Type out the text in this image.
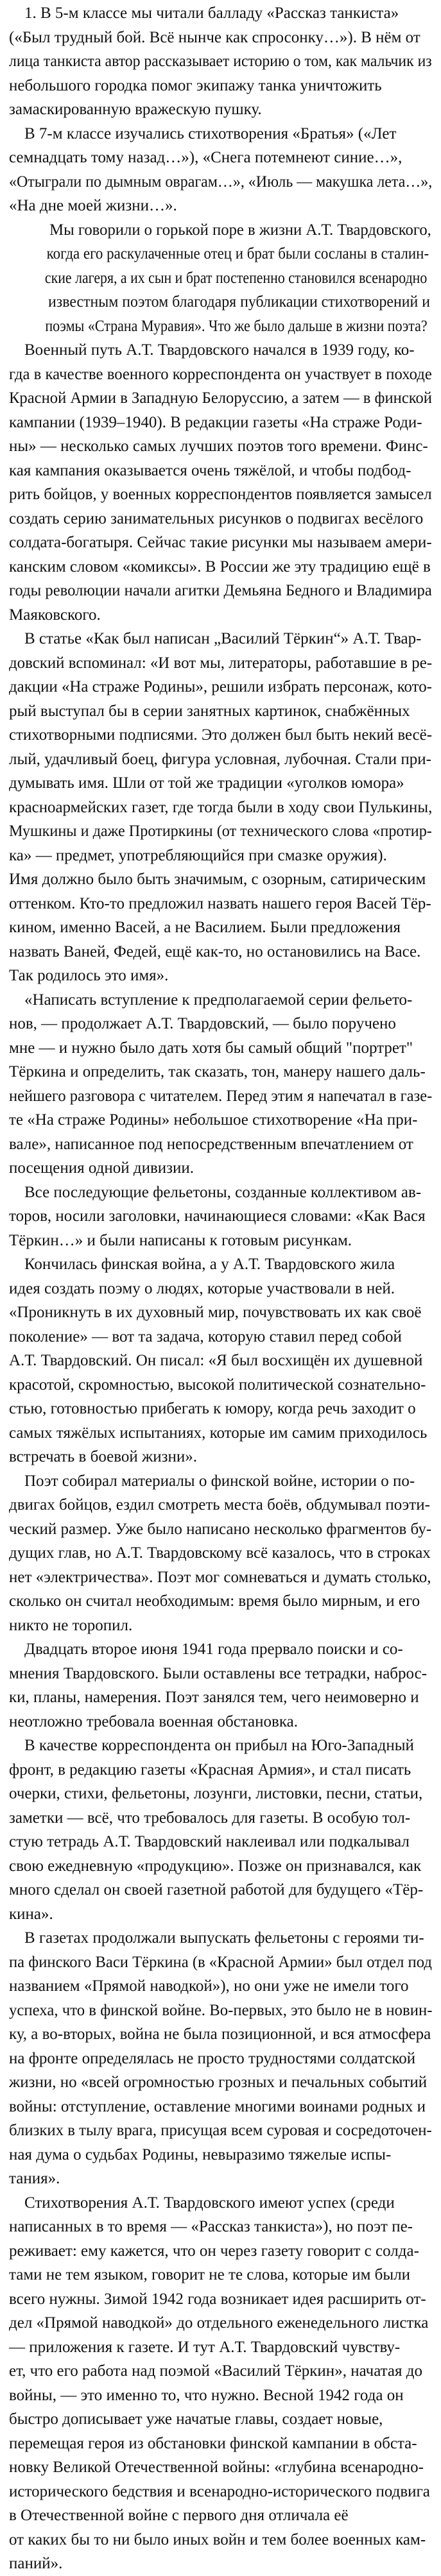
1. В 5-м классе мы читали балладу «Рассказ танкиста»
(«Был трудный бой. Всё нынче как спросонку…»). В нём от
лица танкиста автор рассказывает историю о том, как мальчик из
небольшого городка помог экипажу танка уничтожить
замаскированную вражескую пушку.
В 7-м классе изучались стихотворения «Братья» («Лет
семнадцать тому назад…»), «Снега потемнеют синие…»,
«Отыграли по дымным оврагам…», «Июль — макушка лета…»,
«На дне моей жизни…».
Мы говорили о горькой поре в жизни А.Т. Твардовского,
когда его раскулаченные отец и брат были сосланы в сталин-
ские лагеря, а их сын и брат постепенно становился всенародно
известным поэтом благодаря публикации стихотворений и
поэмы «Страна Муравия». Что же было дальше в жизни поэта?
Военный путь А.Т. Твардовского начался в 1939 году, ко-
гда в качестве военного корреспондента он участвует в походе
Красной Армии в Западную Белоруссию, а затем — в финской
кампании (1939–1940). В редакции газеты «На страже Роди-
ны» — несколько самых лучших поэтов того времени. Финс-
кая кампания оказывается очень тяжёлой, и чтобы подбод-
рить бойцов, у военных корреспондентов появляется замысел
создать серию занимательных рисунков о подвигах весёлого
солдата-богатыря. Сейчас такие рисунки мы называем амери-
канским словом «комиксы». В России же эту традицию ещё в
годы революции начали агитки Демьяна Бедного и Владимира
Маяковского.
В статье «Как был написан „Василий Тёркин“» А.Т. Твар-
довский вспоминал: «И вот мы, литераторы, работавшие в ре-
дакции «На страже Родины», решили избрать персонаж, кото-
рый выступал бы в серии занятных картинок, снабжённых
стихотворными подписями. Это должен был быть некий весё-
лый, удачливый боец, фигура условная, лубочная. Стали при-
думывать имя. Шли от той же традиции «уголков юмора»
красноармейских газет, где тогда были в ходу свои Пулькины,
Мушкины и даже Протиркины (от технического слова «протир-
ка» — предмет, употребляющийся при смазке оружия).
Имя должно было быть значимым, с озорным, сатирическим
оттенком. Кто-то предложил назвать нашего героя Васей Тёр-
кином, именно Васей, а не Василием. Были предложения
назвать Ваней, Федей, ещё как-то, но остановились на Васе.
Так родилось это имя».
«Написать вступление к предполагаемой серии фельето-
нов, — продолжает А.Т. Твардовский, — было поручено
мне — и нужно было дать хотя бы самый общий "портрет"
Тёркина и определить, так сказать, тон, манеру нашего даль-
нейшего разговора с читателем. Перед этим я напечатал в газе-
те «На страже Родины» небольшое стихотворение «На при-
вале», написанное под непосредственным впечатлением от
посещения одной дивизии.
Все последующие фельетоны, созданные коллективом ав-
торов, носили заголовки, начинающиеся словами: «Как Вася
Тёркин…» и были написаны к готовым рисункам.
Кончилась финская война, а у А.Т. Твардовского жила
идея создать поэму о людях, которые участвовали в ней.
«Проникнуть в их духовный мир, почувствовать их как своё
поколение» — вот та задача, которую ставил перед собой
А.Т. Твардовский. Он писал: «Я был восхищён их душевной
красотой, скромностью, высокой политической сознательно-
стью, готовностью прибегать к юмору, когда речь заходит о
самых тяжёлых испытаниях, которые им самим приходилось
встречать в боевой жизни».
Поэт собирал материалы о финской войне, истории о по-
двигах бойцов, ездил смотреть места боёв, обдумывал поэти-
ческий размер. Уже было написано несколько фрагментов бу-
дущих глав, но А.Т. Твардовскому всё казалось, что в строках
нет «электричества». Поэт мог сомневаться и думать столько,
сколько он считал необходимым: время было мирным, и его
никто не торопил.
Двадцать второе июня 1941 года прервало поиски и со-
мнения Твардовского. Были оставлены все тетрадки, наброс-
ки, планы, намерения. Поэт занялся тем, чего неимоверно и
неотложно требовала военная обстановка.
В качестве корреспондента он прибыл на Юго-Западный
фронт, в редакцию газеты «Красная Армия», и стал писать
очерки, стихи, фельетоны, лозунги, листовки, песни, статьи,
заметки — всё, что требовалось для газеты. В особую тол-
стую тетрадь А.Т. Твардовский наклеивал или подкалывал
свою ежедневную «продукцию». Позже он признавался, как
много сделал он своей газетной работой для будущего «Тёр-
кина».
В газетах продолжали выпускать фельетоны с героями ти-
па финского Васи Тёркина (в «Красной Армии» был отдел под
названием «Прямой наводкой»), но они уже не имели того
успеха, что в финской войне. Во-первых, это было не в новин-
ку, а во-вторых, война не была позиционной, и вся атмосфера
на фронте определялась не просто трудностями солдатской
жизни, но «всей огромностью грозных и печальных событий
войны: отступление, оставление многими воинами родных и
близких в тылу врага, присущая всем суровая и сосредоточен-
ная дума о судьбах Родины, невыразимо тяжелые испы-
тания».
Стихотворения А.Т. Твардовского имеют успех (среди
написанных в то время — «Рассказ танкиста»), но поэт пе-
реживает: ему кажется, что он через газету говорит с солда-
тами не тем языком, говорит не те слова, которые им были
всего нужны. Зимой 1942 года возникает идея расширить от-
дел «Прямой наводкой» до отдельного еженедельного листка
— приложения к газете. И тут А.Т. Твардовский чувству-
ет, что его работа над поэмой «Василий Тёркин», начатая до
войны, — это именно то, что нужно. Весной 1942 года он
быстро дописывает уже начатые главы, создает новые,
перемещая героя из обстановки финской кампании в обста-
новку Великой Отечественной войны: «глубина всенародно-
исторического бедствия и всенародно-исторического подвига
в Отечественной войне с первого дня отличала её
от каких бы то ни было иных войн и тем более военных кам-
паний».
